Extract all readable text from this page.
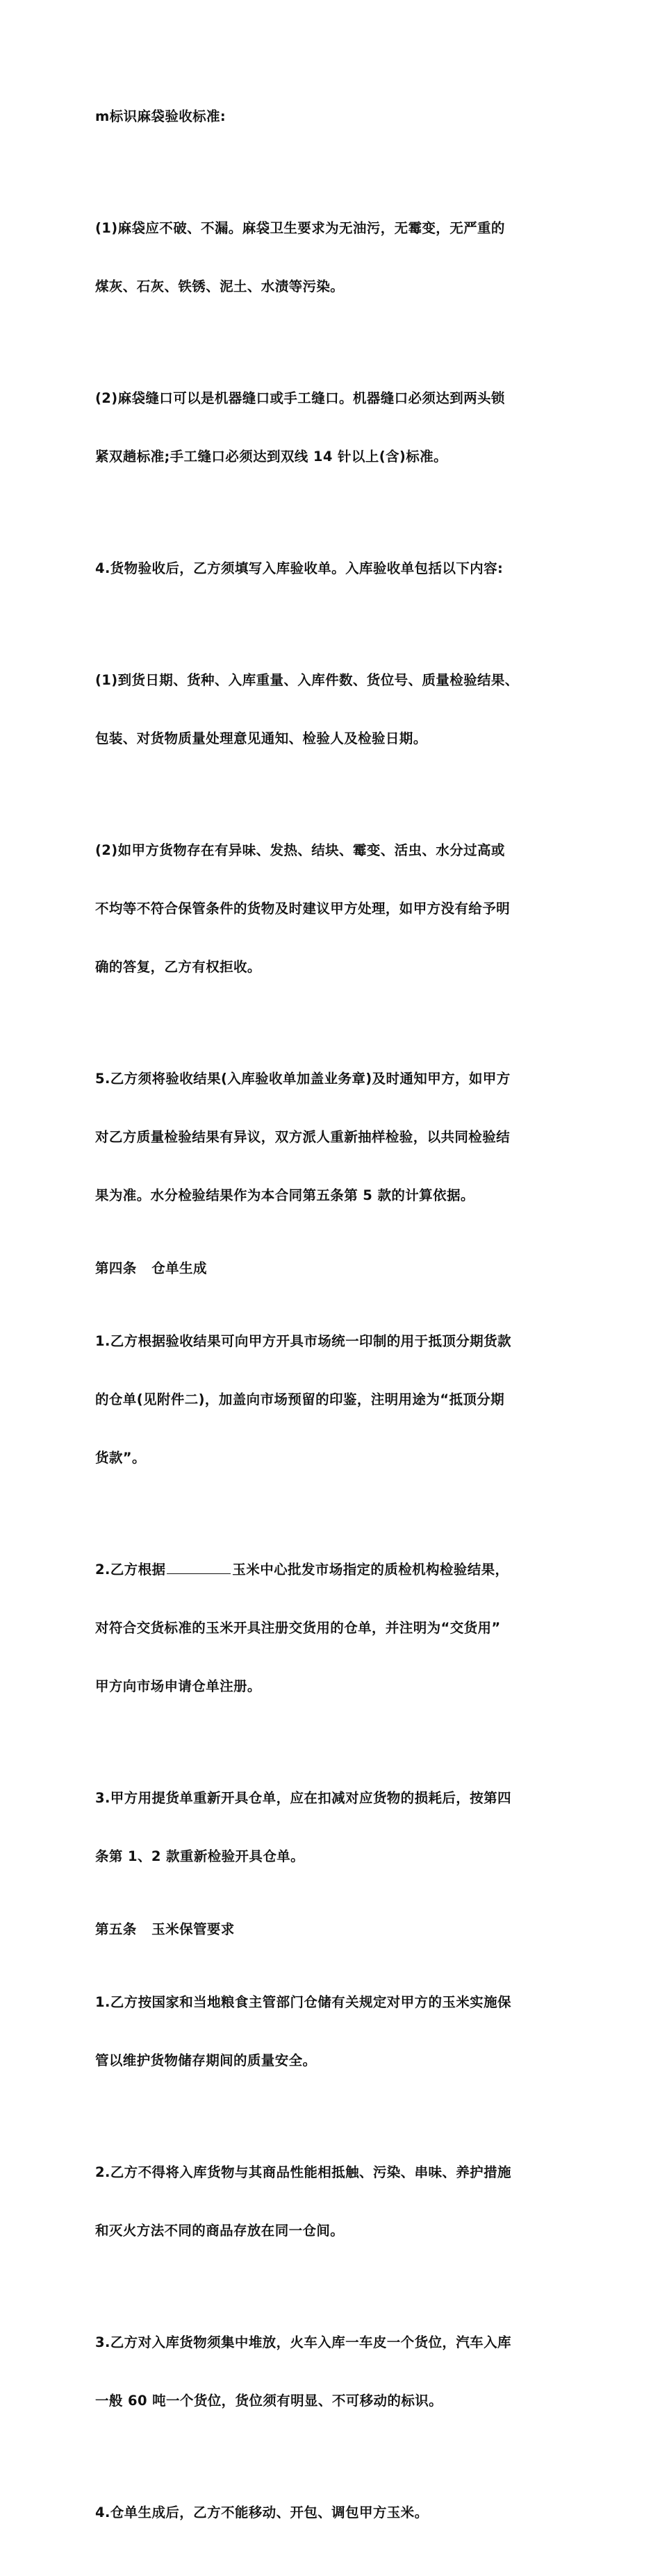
m标识麻袋验收标准:

(1)麻袋应不破、不漏。麻袋卫生要求为无油污，无霉变，无严重的

煤灰、石灰、铁锈、泥土、水渍等污染。

(2)麻袋缝口可以是机器缝口或手工缝口。机器缝口必须达到两头锁

紧双趟标准;手工缝口必须达到双线 14 针以上(含)标准。

4.货物验收后，乙方须填写入库验收单。入库验收单包括以下内容:

(1)到货日期、货种、入库重量、入库件数、货位号、质量检验结果、

包装、对货物质量处理意见通知、检验人及检验日期。

(2)如甲方货物存在有异味、发热、结块、霉变、活虫、水分过高或

不均等不符合保管条件的货物及时建议甲方处理，如甲方没有给予明

确的答复，乙方有权拒收。

5.乙方须将验收结果(入库验收单加盖业务章)及时通知甲方，如甲方

对乙方质量检验结果有异议，双方派人重新抽样检验，以共同检验结

果为准。水分检验结果作为本合同第五条第 5 款的计算依据。

第四条   仓单生成

1.乙方根据验收结果可向甲方开具市场统一印制的用于抵顶分期货款

的仓单(见附件二)，加盖向市场预留的印鉴，注明用途为“抵顶分期

货款”。

2.乙方根据	玉米中心批发市场指定的质检机构检验结果，

对符合交货标准的玉米开具注册交货用的仓单，并注明为“交货用”

甲方向市场申请仓单注册。

3.甲方用提货单重新开具仓单，应在扣减对应货物的损耗后，按第四

条第 1、2 款重新检验开具仓单。

第五条   玉米保管要求

1.乙方按国家和当地粮食主管部门仓储有关规定对甲方的玉米实施保

管以维护货物储存期间的质量安全。

2.乙方不得将入库货物与其商品性能相抵触、污染、串味、养护措施

和灭火方法不同的商品存放在同一仓间。

3.乙方对入库货物须集中堆放，火车入库一车皮一个货位，汽车入库

一般 60 吨一个货位，货位须有明显、不可移动的标识。

4.仓单生成后，乙方不能移动、开包、调包甲方玉米。
